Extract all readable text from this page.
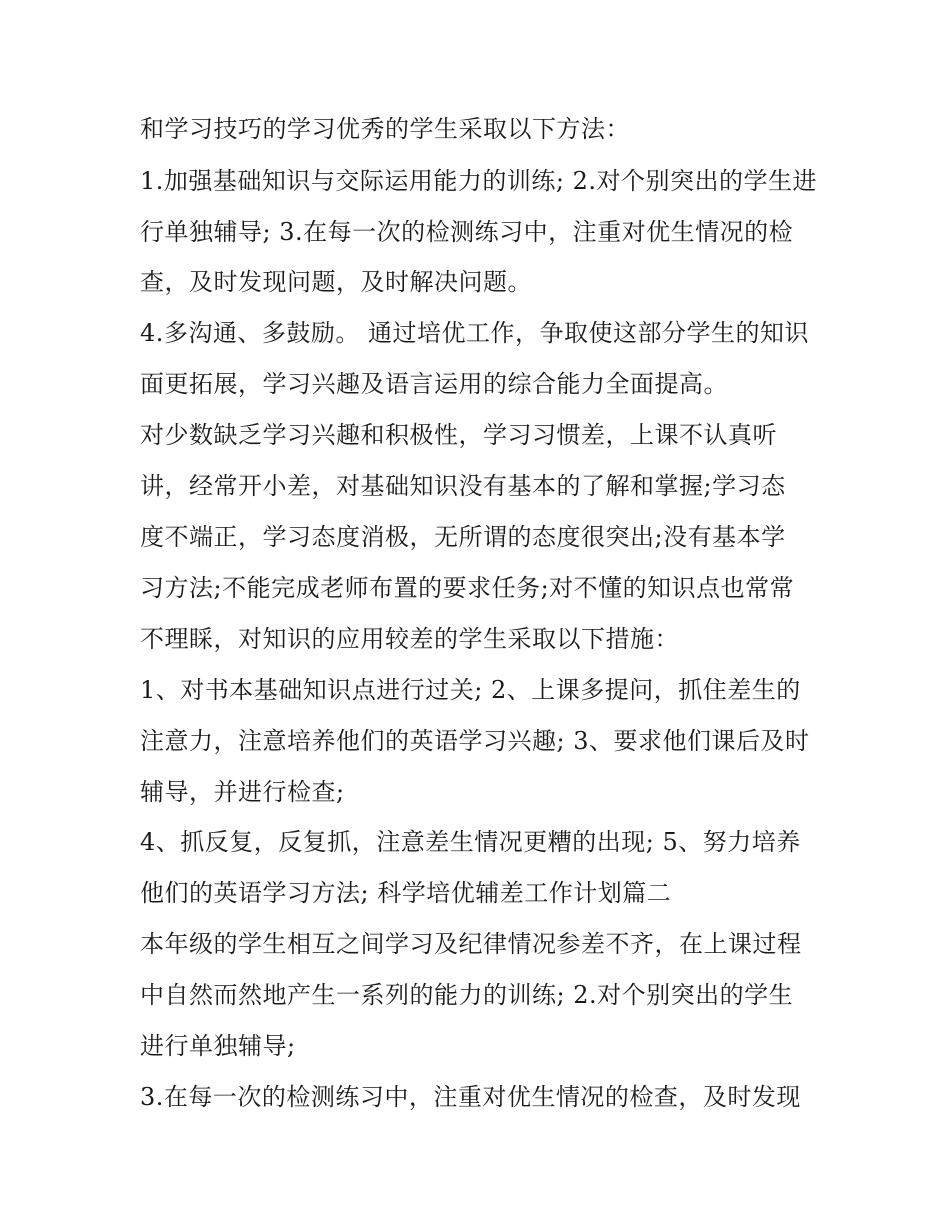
和学习技巧的学习优秀的学生采取以下方法：
1.加强基础知识与交际运用能力的训练; 2.对个别突出的学生进
行单独辅导; 3.在每一次的检测练习中，注重对优生情况的检
查，及时发现问题，及时解决问题。
4.多沟通、多鼓励。 通过培优工作，争取使这部分学生的知识
面更拓展，学习兴趣及语言运用的综合能力全面提高。
对少数缺乏学习兴趣和积极性，学习习惯差，上课不认真听
讲，经常开小差，对基础知识没有基本的了解和掌握;学习态
度不端正，学习态度消极，无所谓的态度很突出;没有基本学
习方法;不能完成老师布置的要求任务;对不懂的知识点也常常
不理睬，对知识的应用较差的学生采取以下措施：
1、对书本基础知识点进行过关; 2、上课多提问，抓住差生的
注意力，注意培养他们的英语学习兴趣; 3、要求他们课后及时
辅导，并进行检查;
4、抓反复，反复抓，注意差生情况更糟的出现; 5、努力培养
他们的英语学习方法; 科学培优辅差工作计划篇二
本年级的学生相互之间学习及纪律情况参差不齐，在上课过程
中自然而然地产生一系列的能力的训练; 2.对个别突出的学生
进行单独辅导;
3.在每一次的检测练习中，注重对优生情况的检查，及时发现
